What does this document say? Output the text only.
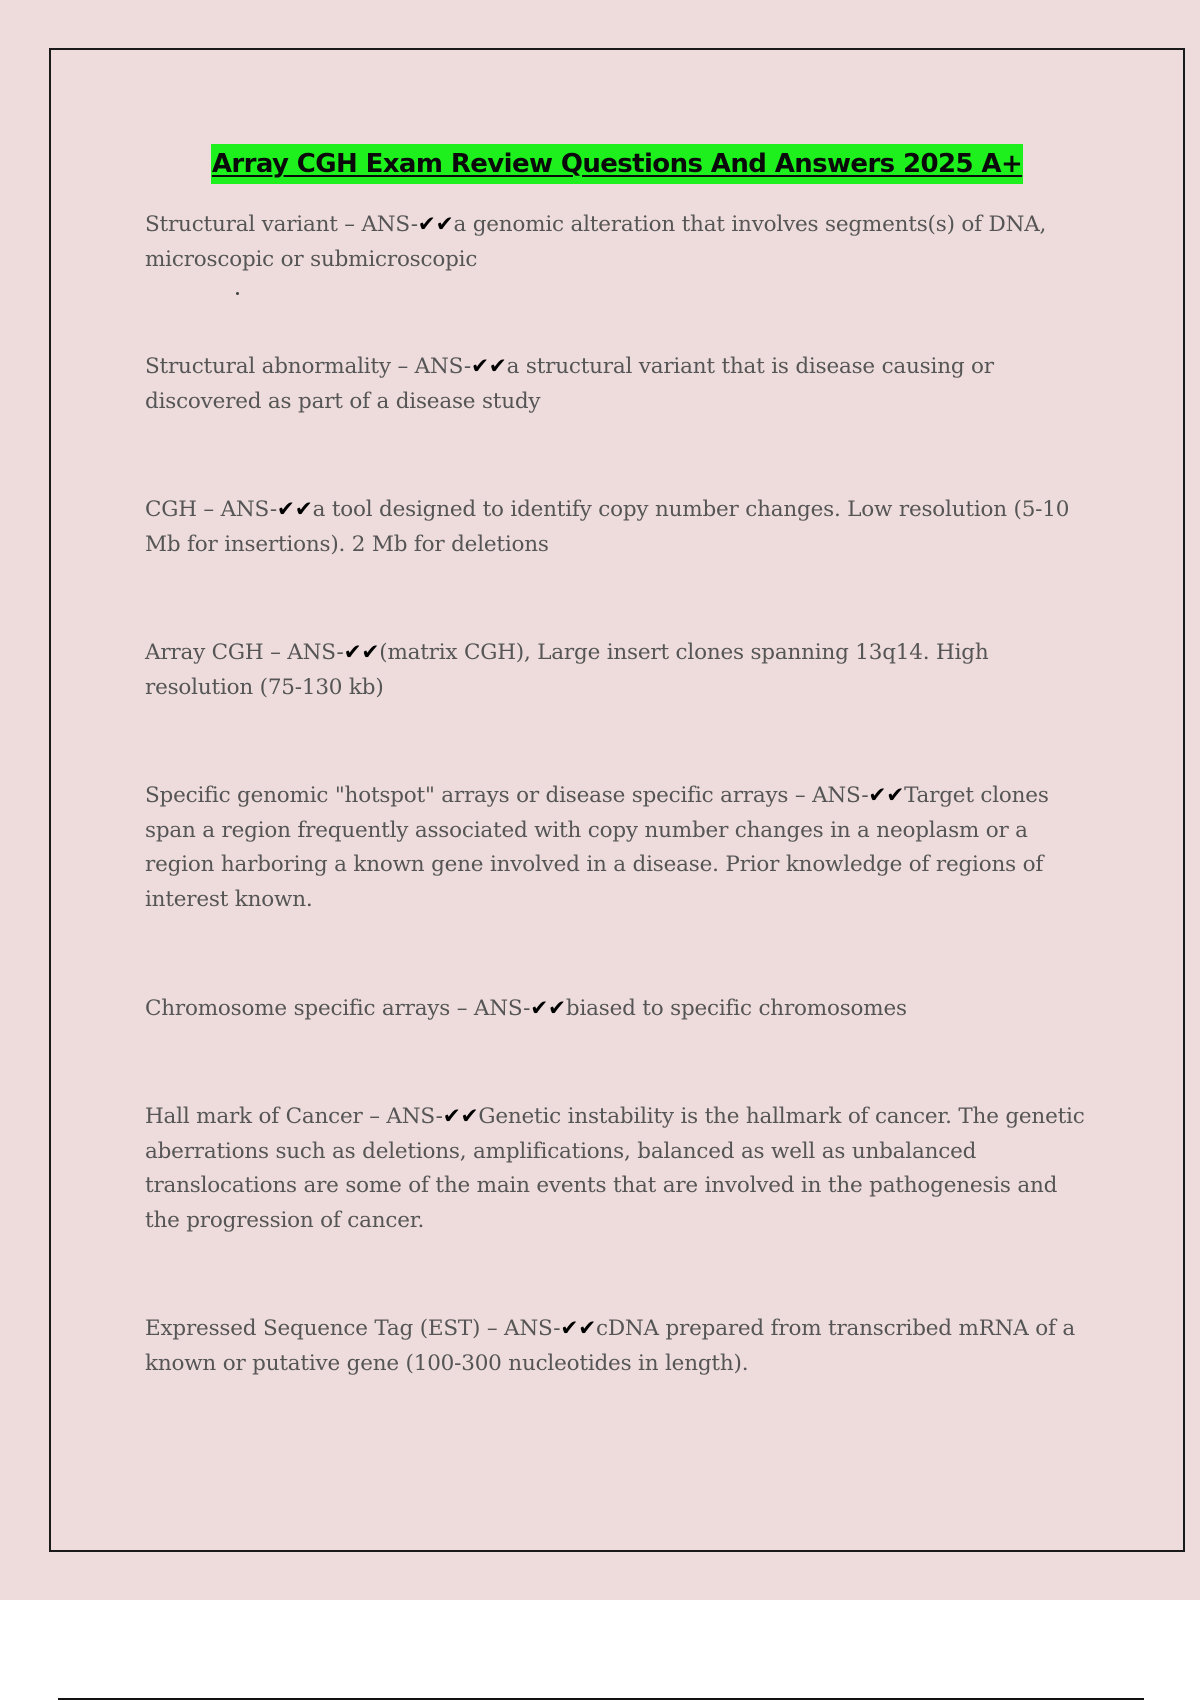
Array CGH Exam Review Questions And Answers 2025 A+

Structural variant – ANS-✔✔a genomic alteration that involves segments(s) of DNA, microscopic or submicroscopic

Structural abnormality – ANS-✔✔a structural variant that is disease causing or discovered as part of a disease study

CGH – ANS-✔✔a tool designed to identify copy number changes. Low resolution (5-10 Mb for insertions). 2 Mb for deletions

Array CGH – ANS-✔✔(matrix CGH), Large insert clones spanning 13q14. High resolution (75-130 kb)

Specific genomic "hotspot" arrays or disease specific arrays – ANS-✔✔Target clones span a region frequently associated with copy number changes in a neoplasm or a region harboring a known gene involved in a disease. Prior knowledge of regions of interest known.

Chromosome specific arrays – ANS-✔✔biased to specific chromosomes

Hall mark of Cancer – ANS-✔✔Genetic instability is the hallmark of cancer. The genetic aberrations such as deletions, amplifications, balanced as well as unbalanced translocations are some of the main events that are involved in the pathogenesis and the progression of cancer.

Expressed Sequence Tag (EST) – ANS-✔✔cDNA prepared from transcribed mRNA of a known or putative gene (100-300 nucleotides in length).
